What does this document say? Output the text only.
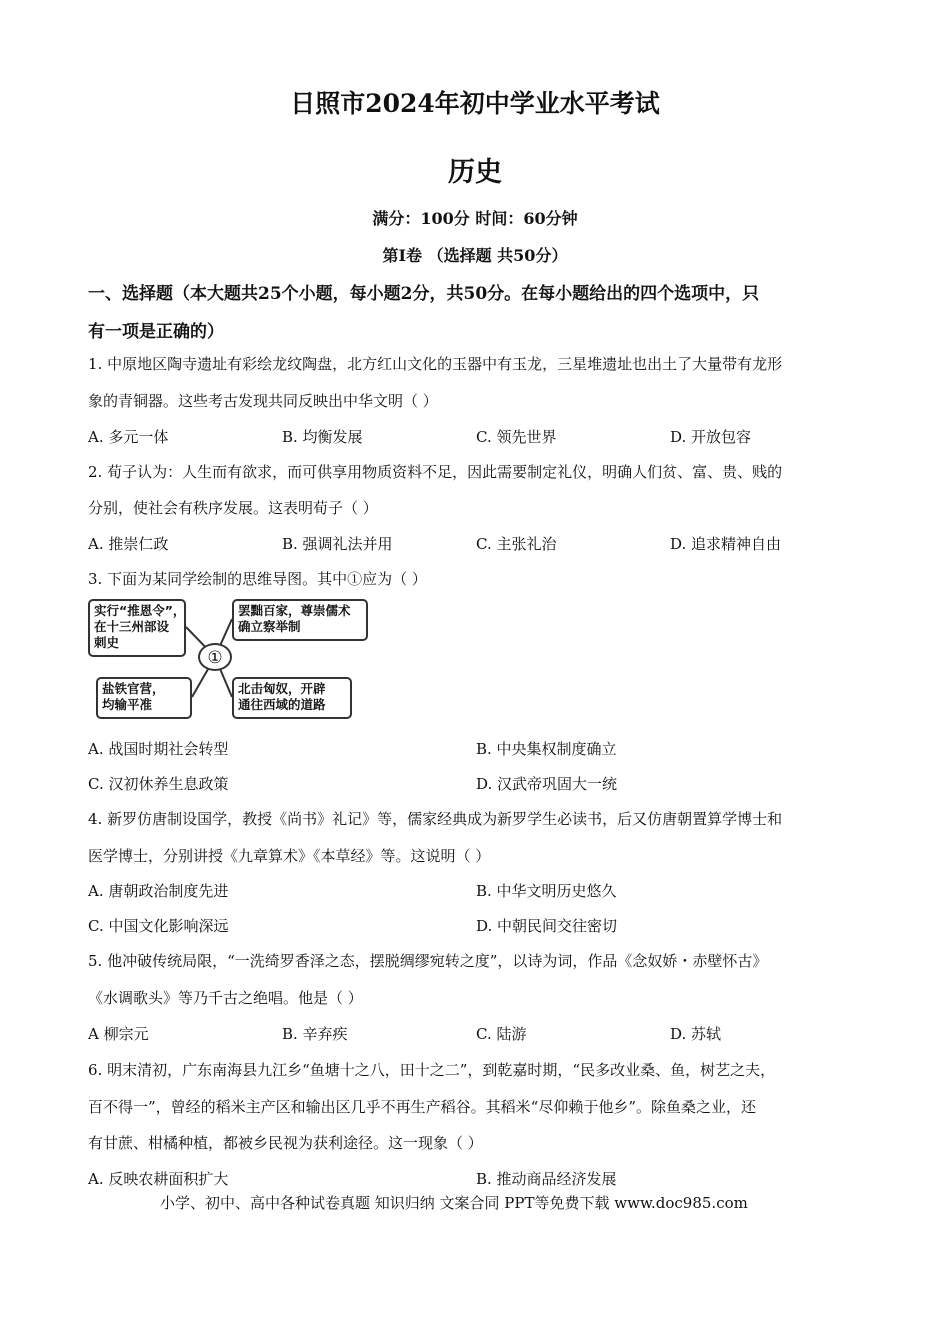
日照市2024年初中学业水平考试
历史
满分：100分 时间：60分钟
第I卷 （选择题 共50分）
一、选择题（本大题共25个小题，每小题2分，共50分。在每小题给出的四个选项中，只
有一项是正确的）
1. 中原地区陶寺遗址有彩绘龙纹陶盘，北方红山文化的玉器中有玉龙，三星堆遗址也出土了大量带有龙形
象的青铜器。这些考古发现共同反映出中华文明（ ）
A. 多元一体	B. 均衡发展	C. 领先世界	D. 开放包容
2. 荀子认为：人生而有欲求，而可供享用物质资料不足，因此需要制定礼仪，明确人们贫、富、贵、贱的
分别，使社会有秩序发展。这表明荀子（ ）
A. 推崇仁政	B. 强调礼法并用	C. 主张礼治	D. 追求精神自由
3. 下面为某同学绘制的思维导图。其中①应为（ ）
实行“推恩令”，
在十三州部设
刺史
罢黜百家，尊崇儒术
确立察举制
①
盐铁官营，
均输平准
北击匈奴，开辟
通往西域的道路
A. 战国时期社会转型	B. 中央集权制度确立
C. 汉初休养生息政策	D. 汉武帝巩固大一统
4. 新罗仿唐制设国学，教授《尚书》礼记》等，儒家经典成为新罗学生必读书，后又仿唐朝置算学博士和
医学博士，分别讲授《九章算术》《本草经》等。这说明（ ）
A. 唐朝政治制度先进	B. 中华文明历史悠久
C. 中国文化影响深远	D. 中朝民间交往密切
5. 他冲破传统局限，“一洗绮罗香泽之态，摆脱绸缪宛转之度”，以诗为词，作品《念奴娇・赤壁怀古》
《水调歌头》等乃千古之绝唱。他是（ ）
A 柳宗元	B. 辛弃疾	C. 陆游	D. 苏轼
6. 明末清初，广东南海县九江乡“鱼塘十之八，田十之二”，到乾嘉时期，“民多改业桑、鱼，树艺之夫，
百不得一”，曾经的稻米主产区和输出区几乎不再生产稻谷。其稻米“尽仰赖于他乡”。除鱼桑之业，还
有甘蔗、柑橘种植，都被乡民视为获利途径。这一现象（ ）
A. 反映农耕面积扩大	B. 推动商品经济发展
小学、初中、高中各种试卷真题 知识归纳 文案合同 PPT等免费下载 www.doc985.com
